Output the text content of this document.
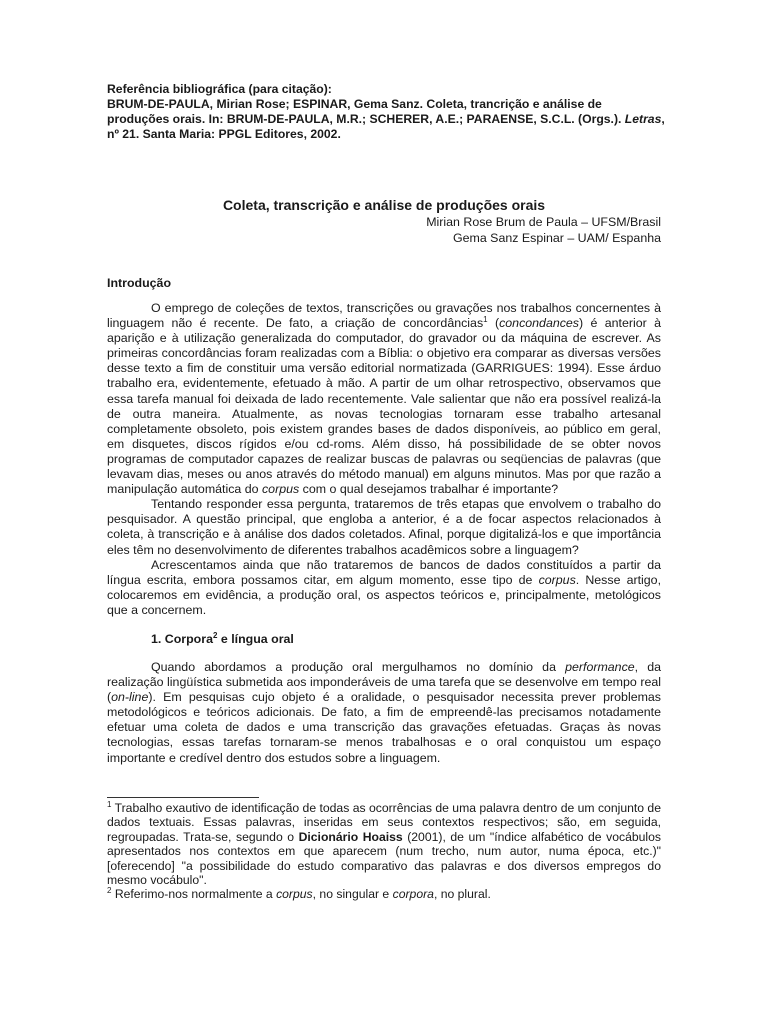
Referência bibliográfica (para citação):

BRUM-DE-PAULA, Mirian Rose; ESPINAR, Gema Sanz. Coleta, trancrição e análise de produções orais. In: BRUM-DE-PAULA, M.R.; SCHERER, A.E.; PARAENSE, S.C.L. (Orgs.). Letras, nº 21. Santa Maria: PPGL Editores, 2002.

Coleta, transcrição e análise de produções orais
Mirian Rose Brum de Paula – UFSM/Brasil
Gema Sanz Espinar – UAM/ Espanha
Introdução

O emprego de coleções de textos, transcrições ou gravações nos trabalhos concernentes à linguagem não é recente. De fato, a criação de concordâncias$^1$ (concondances) é anterior à aparição e à utilização generalizada do computador, do gravador ou da máquina de escrever. As primeiras concordâncias foram realizadas com a Bíblia: o objetivo era comparar as diversas versões desse texto a fim de constituir uma versão editorial normatizada (GARRIGUES: 1994). Esse árduo trabalho era, evidentemente, efetuado à mão. A partir de um olhar retrospectivo, observamos que essa tarefa manual foi deixada de lado recentemente. Vale salientar que não era possível realizá-la de outra maneira. Atualmente, as novas tecnologias tornaram esse trabalho artesanal completamente obsoleto, pois existem grandes bases de dados disponíveis, ao público em geral, em disquetes, discos rígidos e/ou cd-roms. Além disso, há possibilidade de se obter novos programas de computador capazes de realizar buscas de palavras ou seqüencias de palavras (que levavam dias, meses ou anos através do método manual) em alguns minutos. Mas por que razão a manipulação automática do corpus com o qual desejamos trabalhar é importante?

Tentando responder essa pergunta, trataremos de três etapas que envolvem o trabalho do pesquisador. A questão principal, que engloba a anterior, é a de focar aspectos relacionados à coleta, à transcrição e à análise dos dados coletados. Afinal, porque digitalizá-los e que importância eles têm no desenvolvimento de diferentes trabalhos acadêmicos sobre a linguagem?

Acrescentamos ainda que não trataremos de bancos de dados constituídos a partir da língua escrita, embora possamos citar, em algum momento, esse tipo de corpus. Nesse artigo, colocaremos em evidência, a produção oral, os aspectos teóricos e, principalmente, metológicos que a concernem.

1. Corpora$^2$ e língua oral

Quando abordamos a produção oral mergulhamos no domínio da performance, da realização lingüística submetida aos imponderáveis de uma tarefa que se desenvolve em tempo real (on-line). Em pesquisas cujo objeto é a oralidade, o pesquisador necessita prever problemas metodológicos e teóricos adicionais. De fato, a fim de empreendê-las precisamos notadamente efetuar uma coleta de dados e uma transcrição das gravações efetuadas. Graças às novas tecnologias, essas tarefas tornaram-se menos trabalhosas e o oral conquistou um espaço importante e credível dentro dos estudos sobre a linguagem.

$^1$ Trabalho exautivo de identificação de todas as ocorrências de uma palavra dentro de um conjunto de dados textuais. Essas palavras, inseridas em seus contextos respectivos; são, em seguida, regroupadas. Trata-se, segundo o Dicionário Hoaiss (2001), de um "índice alfabético de vocábulos apresentados nos contextos em que aparecem (num trecho, num autor, numa época, etc.)" [oferecendo] "a possibilidade do estudo comparativo das palavras e dos diversos empregos do mesmo vocábulo".

$^2$ Referimo-nos normalmente a corpus, no singular e corpora, no plural.
